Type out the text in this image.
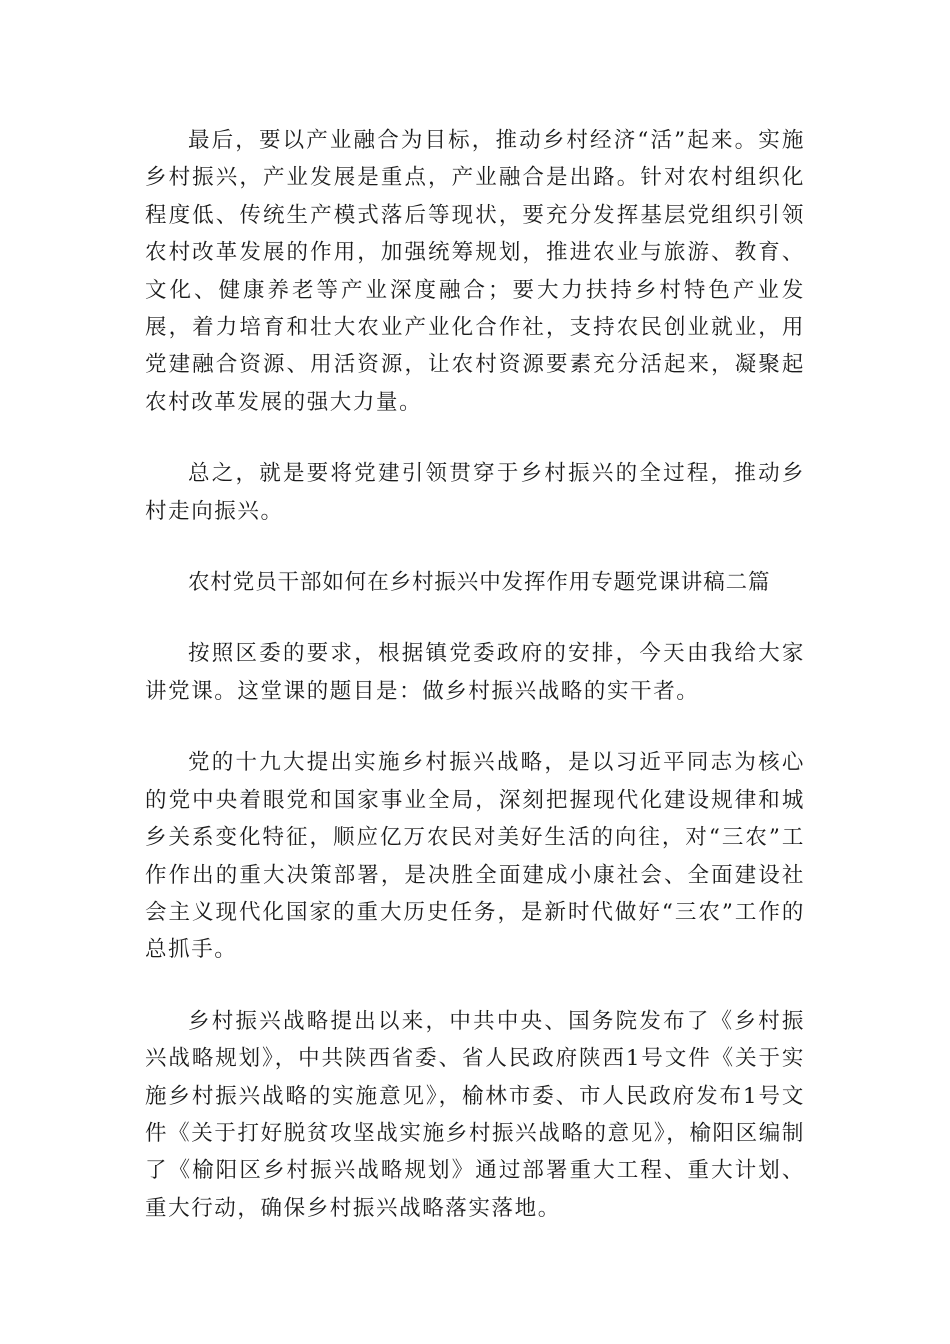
最后，要以产业融合为目标，推动乡村经济“活”起来。实施乡村振兴，产业发展是重点，产业融合是出路。针对农村组织化程度低、传统生产模式落后等现状，要充分发挥基层党组织引领农村改革发展的作用，加强统筹规划，推进农业与旅游、教育、文化、健康养老等产业深度融合；要大力扶持乡村特色产业发展，着力培育和壮大农业产业化合作社，支持农民创业就业，用党建融合资源、用活资源，让农村资源要素充分活起来，凝聚起农村改革发展的强大力量。

总之，就是要将党建引领贯穿于乡村振兴的全过程，推动乡村走向振兴。

农村党员干部如何在乡村振兴中发挥作用专题党课讲稿二篇

按照区委的要求，根据镇党委政府的安排，今天由我给大家讲党课。这堂课的题目是：做乡村振兴战略的实干者。

党的十九大提出实施乡村振兴战略，是以习近平同志为核心的党中央着眼党和国家事业全局，深刻把握现代化建设规律和城乡关系变化特征，顺应亿万农民对美好生活的向往，对“三农”工作作出的重大决策部署，是决胜全面建成小康社会、全面建设社会主义现代化国家的重大历史任务，是新时代做好“三农”工作的总抓手。

乡村振兴战略提出以来，中共中央、国务院发布了《乡村振兴战略规划》，中共陕西省委、省人民政府陕西1号文件《关于实施乡村振兴战略的实施意见》，榆林市委、市人民政府发布1号文件《关于打好脱贫攻坚战实施乡村振兴战略的意见》，榆阳区编制了《榆阳区乡村振兴战略规划》通过部署重大工程、重大计划、重大行动，确保乡村振兴战略落实落地。
